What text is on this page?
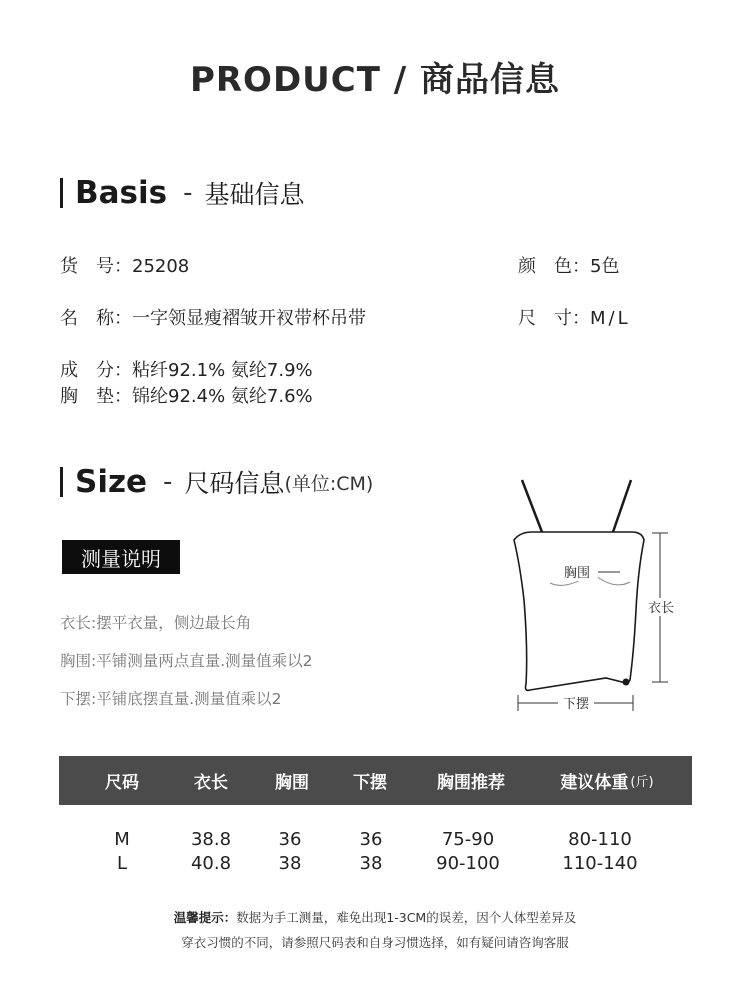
PRODUCT / 商品信息
Basis - 基础信息
货　号：25208	颜　色：5色
名　称：一字领显瘦褶皱开衩带杯吊带	尺　寸：M/L
成　分：粘纤92.1% 氨纶7.9%
胸　垫：锦纶92.4% 氨纶7.6%
Size - 尺码信息 (单位:CM)
测量说明
衣长:摆平衣量，侧边最长角
胸围:平铺测量两点直量.测量值乘以2
下摆:平铺底摆直量.测量值乘以2
胸围
衣长
下摆
尺码	衣长	胸围	下摆	胸围推荐	建议体重 (斤)
M	38.8	36	36	75-90	80-110
L	40.8	38	38	90-100	110-140
温馨提示：数据为手工测量，难免出现1-3CM的误差，因个人体型差异及
穿衣习惯的不同，请参照尺码表和自身习惯选择，如有疑问请咨询客服
